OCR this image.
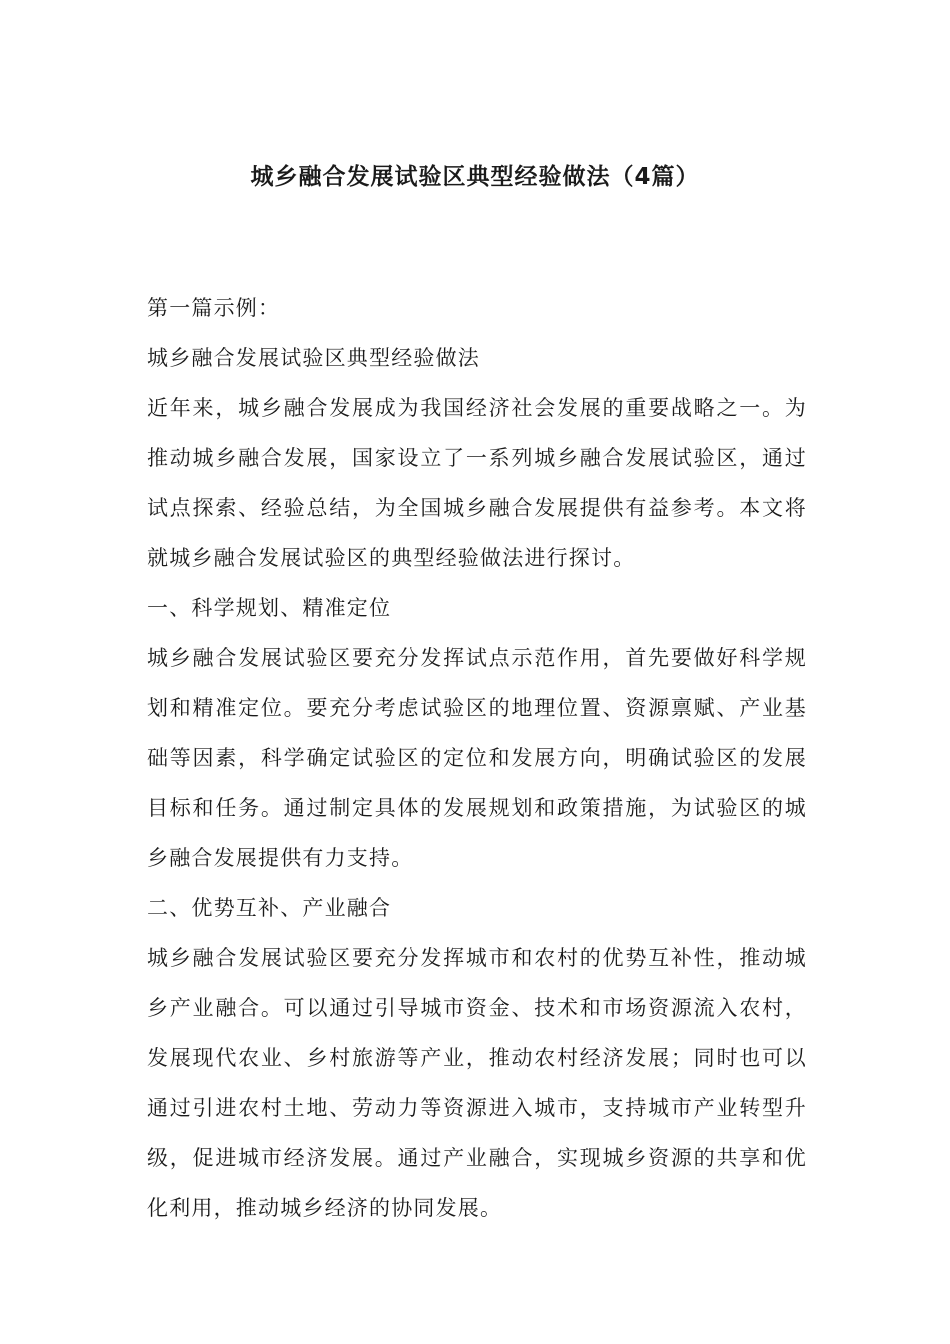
城乡融合发展试验区典型经验做法（4篇）

第一篇示例：

城乡融合发展试验区典型经验做法

近年来，城乡融合发展成为我国经济社会发展的重要战略之一。为推动城乡融合发展，国家设立了一系列城乡融合发展试验区，通过试点探索、经验总结，为全国城乡融合发展提供有益参考。本文将就城乡融合发展试验区的典型经验做法进行探讨。

一、科学规划、精准定位

城乡融合发展试验区要充分发挥试点示范作用，首先要做好科学规划和精准定位。要充分考虑试验区的地理位置、资源禀赋、产业基础等因素，科学确定试验区的定位和发展方向，明确试验区的发展目标和任务。通过制定具体的发展规划和政策措施，为试验区的城乡融合发展提供有力支持。

二、优势互补、产业融合

城乡融合发展试验区要充分发挥城市和农村的优势互补性，推动城乡产业融合。可以通过引导城市资金、技术和市场资源流入农村，发展现代农业、乡村旅游等产业，推动农村经济发展；同时也可以通过引进农村土地、劳动力等资源进入城市，支持城市产业转型升级，促进城市经济发展。通过产业融合，实现城乡资源的共享和优化利用，推动城乡经济的协同发展。
